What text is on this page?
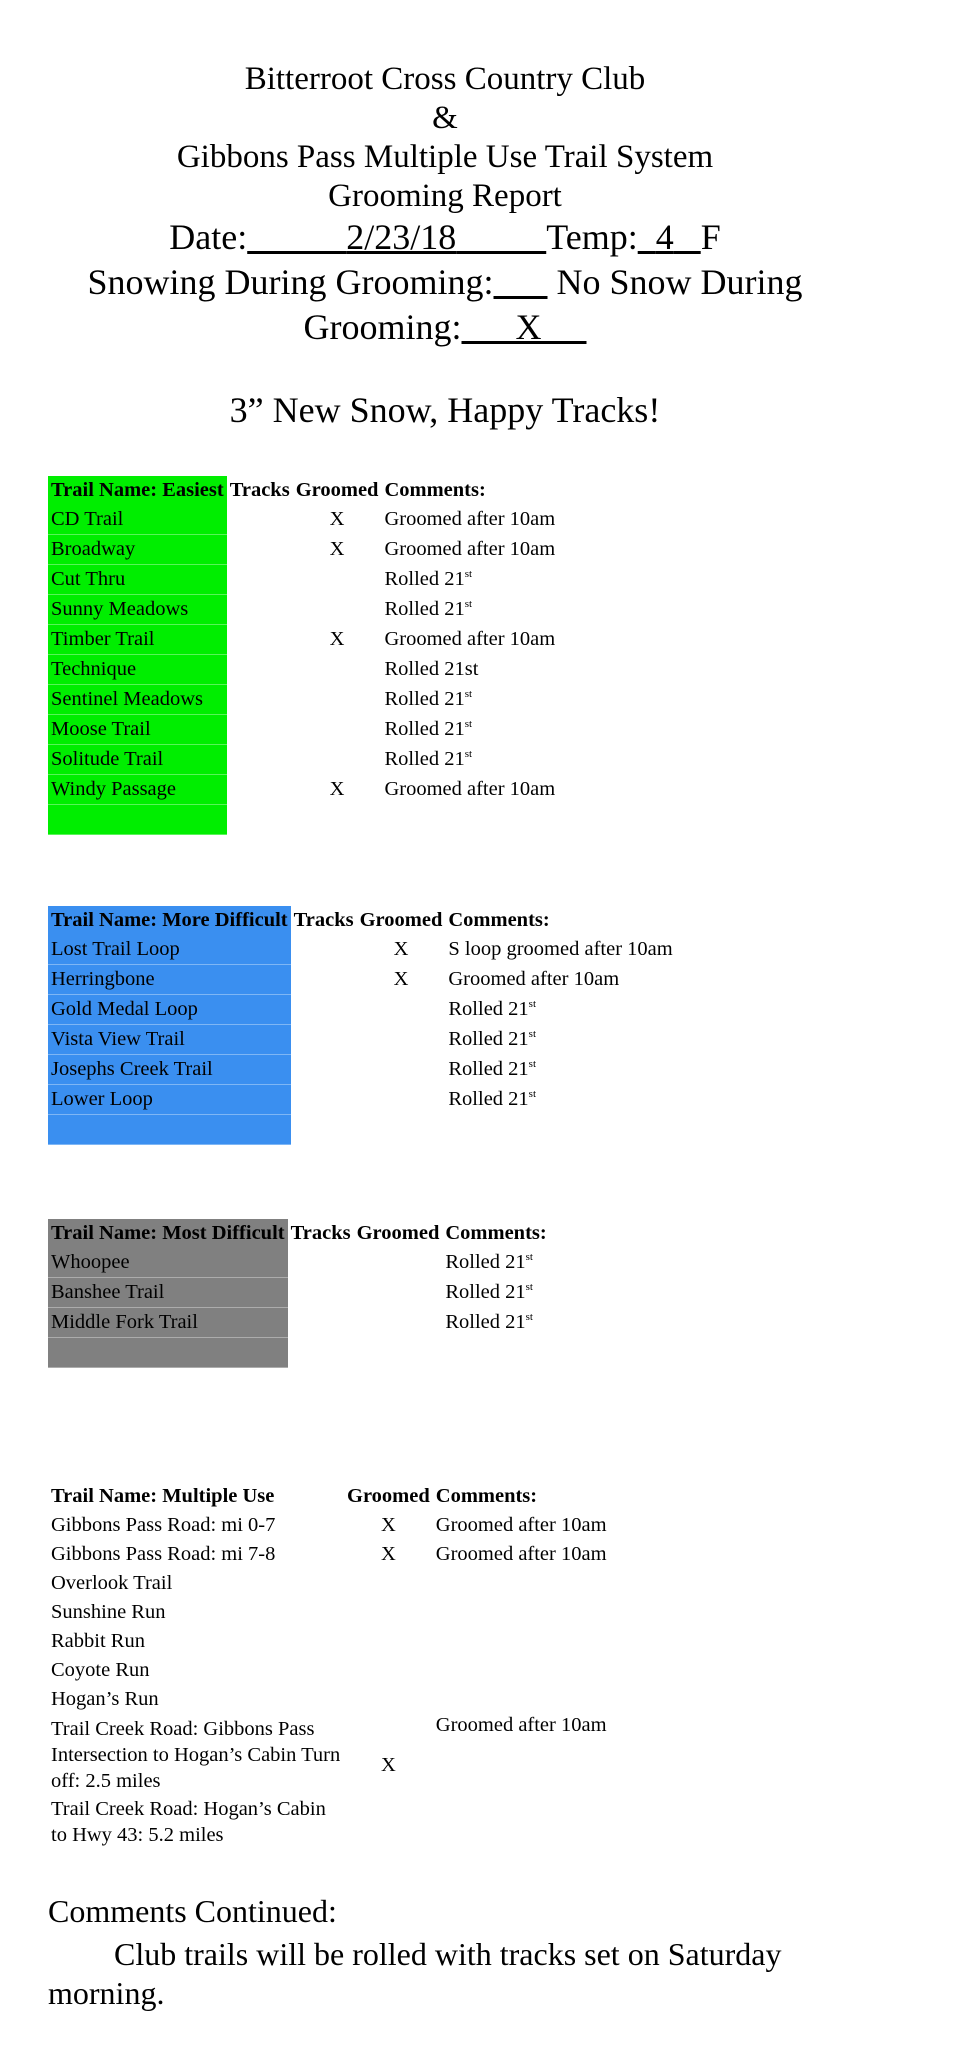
Bitterroot Cross Country Club
&
Gibbons Pass Multiple Use Trail System
Grooming Report
Date:	2/23/18	Temp: 4 F
Snowing During Grooming: No Snow During
Grooming: X
3” New Snow, Happy Tracks!
Trail Name: Easiest	Tracks	Groomed	Comments:
CD Trail		X	Groomed after 10am
Broadway		X	Groomed after 10am
Cut Thru			Rolled 21st
Sunny Meadows			Rolled 21st
Timber Trail		X	Groomed after 10am
Technique			Rolled 21st
Sentinel Meadows			Rolled 21st
Moose Trail			Rolled 21st
Solitude Trail			Rolled 21st
Windy Passage		X	Groomed after 10am

Trail Name: More Difficult	Tracks	Groomed	Comments:
Lost Trail Loop		X	S loop groomed after 10am
Herringbone		X	Groomed after 10am
Gold Medal Loop			Rolled 21st
Vista View Trail			Rolled 21st
Josephs Creek Trail			Rolled 21st
Lower Loop			Rolled 21st

Trail Name: Most Difficult	Tracks	Groomed	Comments:
Whoopee			Rolled 21st
Banshee Trail			Rolled 21st
Middle Fork Trail			Rolled 21st

Trail Name: Multiple Use	Groomed	Comments:
Gibbons Pass Road: mi 0-7	X	Groomed after 10am
Gibbons Pass Road: mi 7-8	X	Groomed after 10am
Overlook Trail		
Sunshine Run		
Rabbit Run		
Coyote Run		
Hogan’s Run		
Trail Creek Road: Gibbons Pass Intersection to Hogan’s Cabin Turn off: 2.5 miles	X	Groomed after 10am
Trail Creek Road: Hogan’s Cabin to Hwy 43: 5.2 miles		
Comments Continued:
Club trails will be rolled with tracks set on Saturday morning.
